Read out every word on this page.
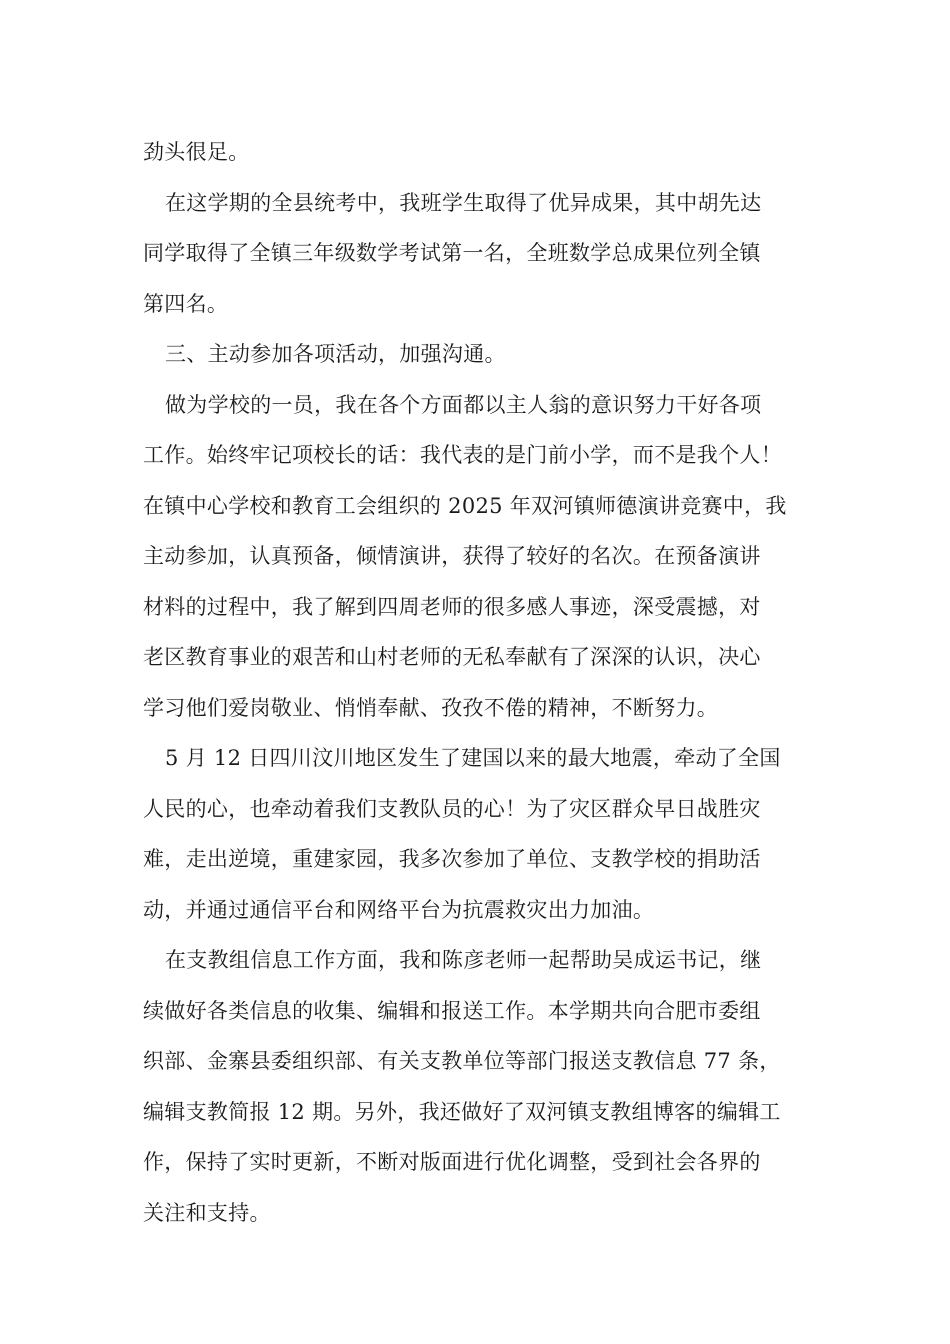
劲头很足。

在这学期的全县统考中，我班学生取得了优异成果，其中胡先达
同学取得了全镇三年级数学考试第一名，全班数学总成果位列全镇
第四名。

三、主动参加各项活动，加强沟通。

做为学校的一员，我在各个方面都以主人翁的意识努力干好各项
工作。始终牢记项校长的话：我代表的是门前小学，而不是我个人！
在镇中心学校和教育工会组织的 2025 年双河镇师德演讲竞赛中，我
主动参加，认真预备，倾情演讲，获得了较好的名次。在预备演讲
材料的过程中，我了解到四周老师的很多感人事迹，深受震撼，对
老区教育事业的艰苦和山村老师的无私奉献有了深深的认识，决心
学习他们爱岗敬业、悄悄奉献、孜孜不倦的精神，不断努力。

5 月 12 日四川汶川地区发生了建国以来的最大地震，牵动了全国
人民的心，也牵动着我们支教队员的心！为了灾区群众早日战胜灾
难，走出逆境，重建家园，我多次参加了单位、支教学校的捐助活
动，并通过通信平台和网络平台为抗震救灾出力加油。

在支教组信息工作方面，我和陈彦老师一起帮助吴成运书记，继
续做好各类信息的收集、编辑和报送工作。本学期共向合肥市委组
织部、金寨县委组织部、有关支教单位等部门报送支教信息 77 条，
编辑支教简报 12 期。另外，我还做好了双河镇支教组博客的编辑工
作，保持了实时更新，不断对版面进行优化调整，受到社会各界的
关注和支持。
